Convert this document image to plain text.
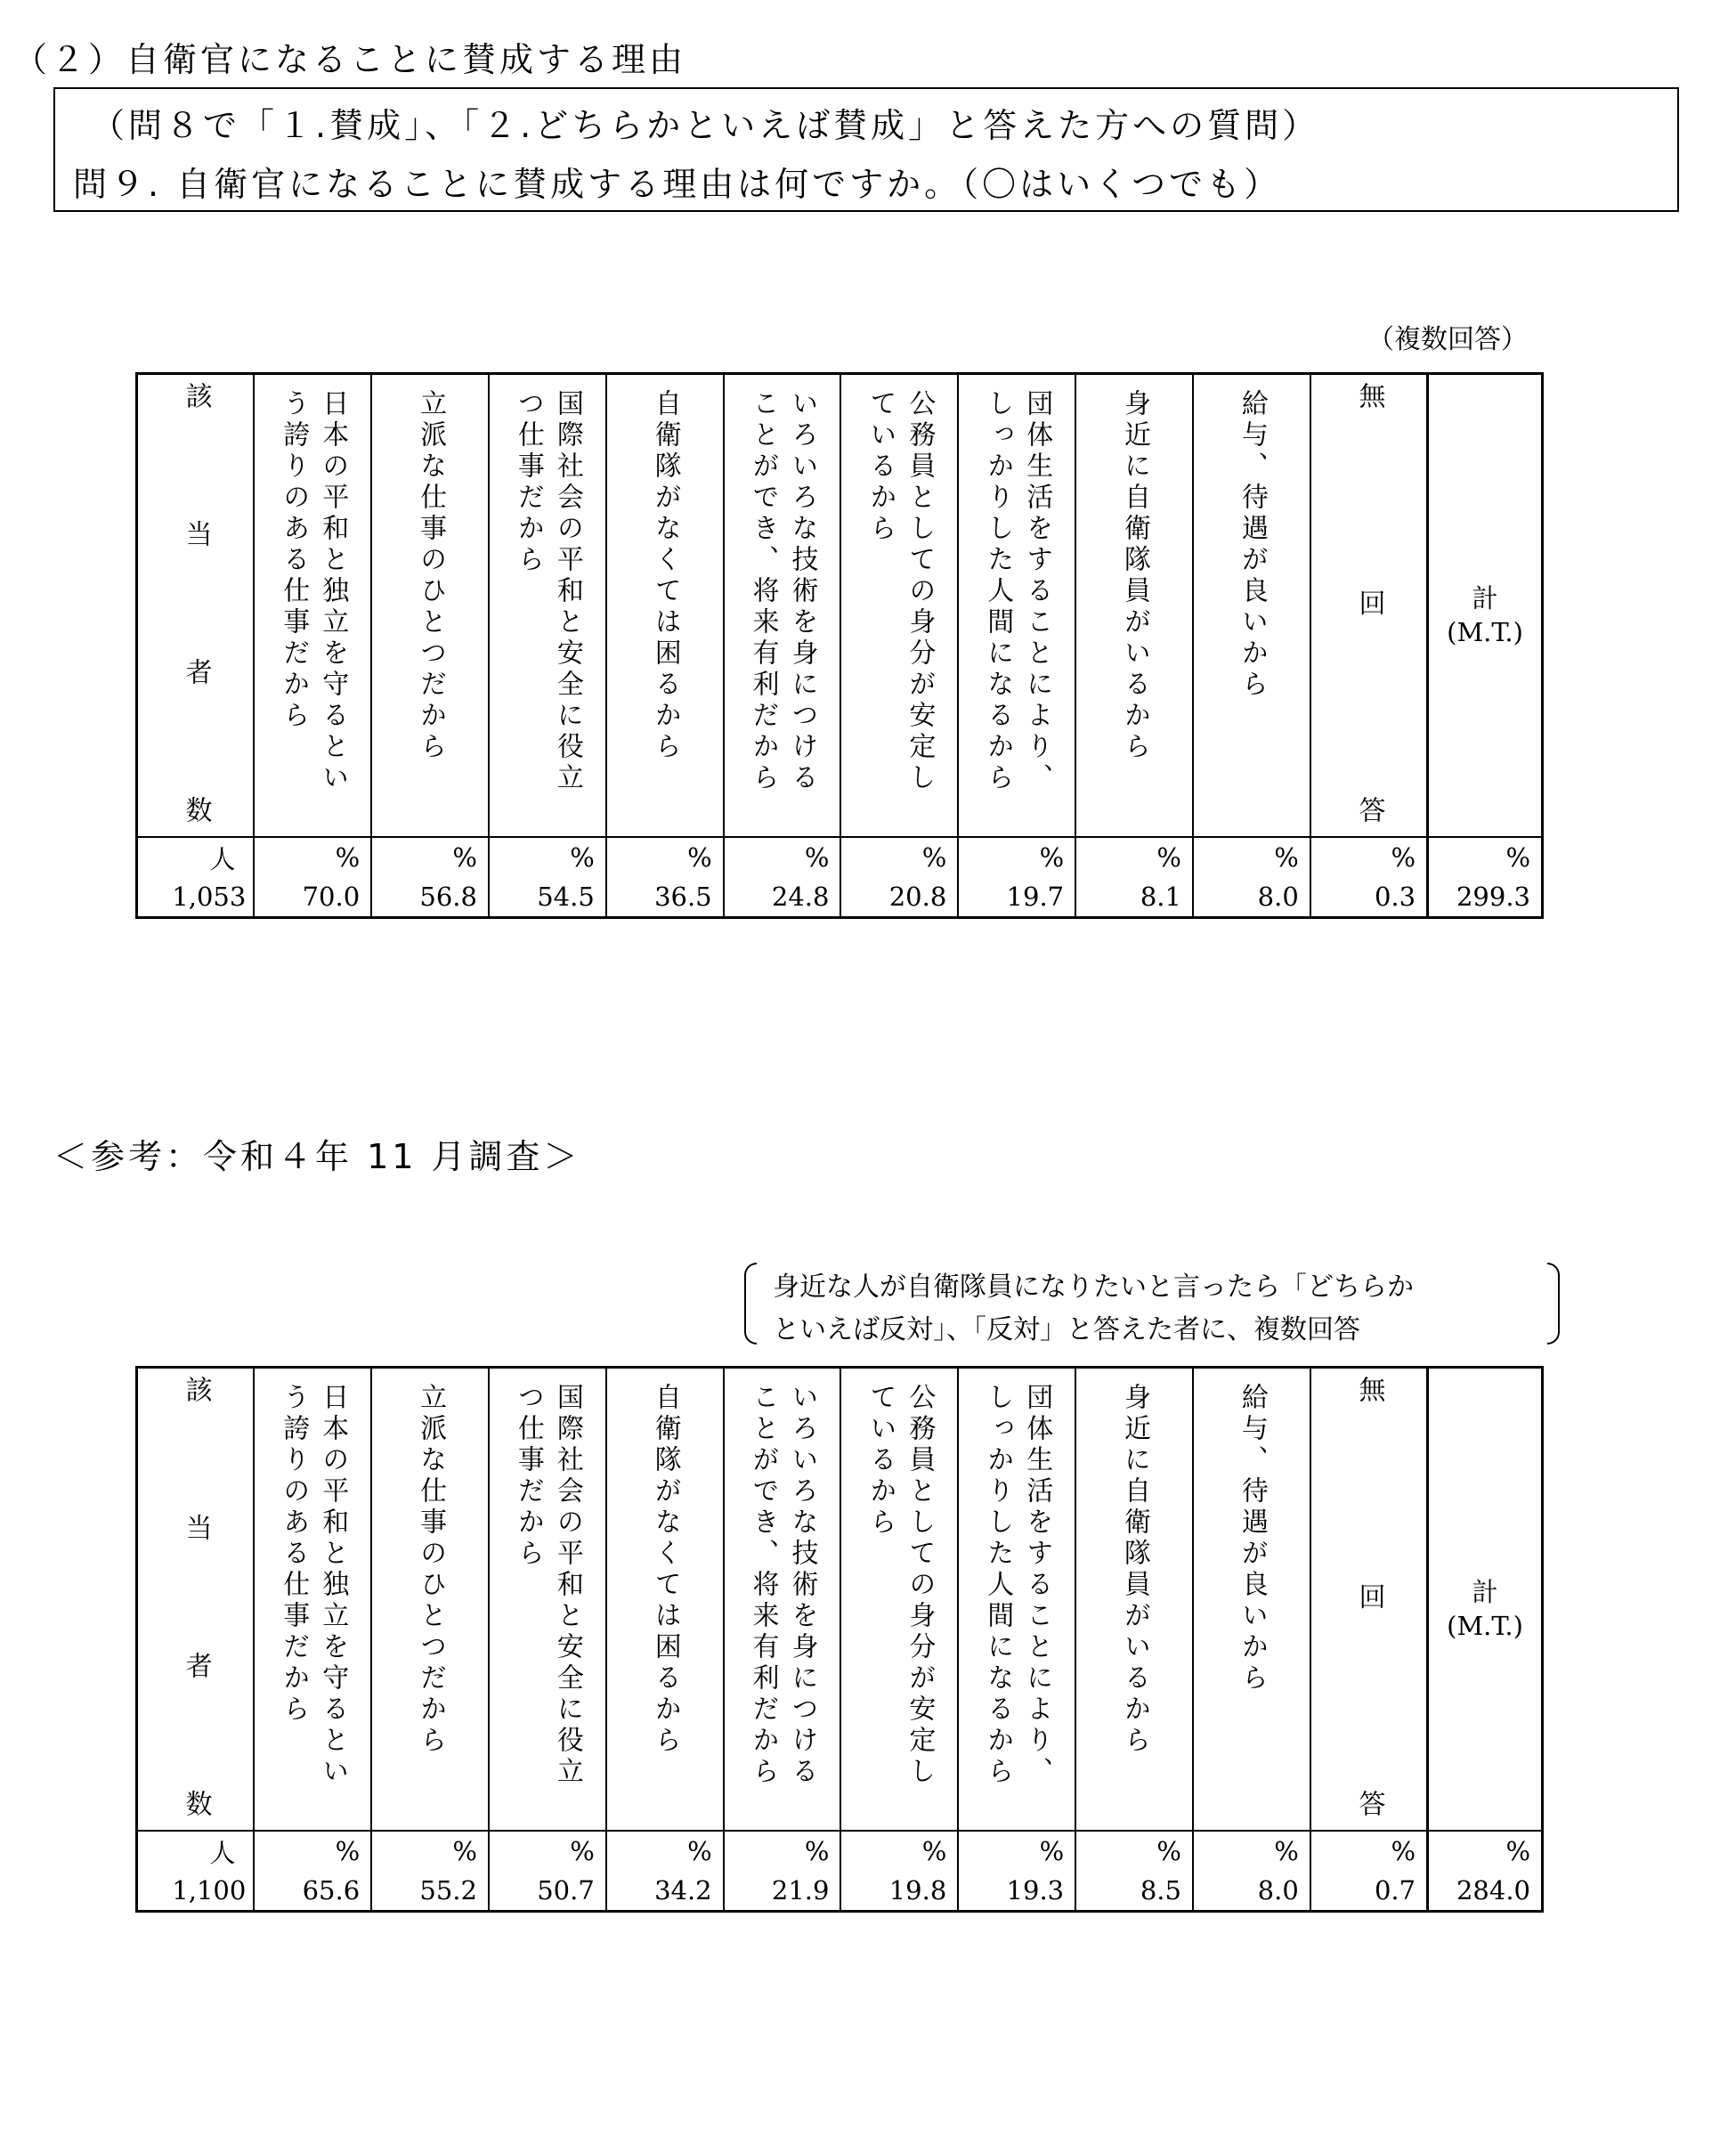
（２）自衛官になることに賛成する理由
（問８で「１.賛成」、「２.どちらかといえば賛成」と答えた方への質問）
問９. 自衛官になることに賛成する理由は何ですか。（〇はいくつでも）
（複数回答）
該当者数	日本の平和と独立を守るという誇りのある仕事だから	立派な仕事のひとつだから	国際社会の平和と安全に役立つ仕事だから	自衛隊がなくては困るから	いろいろな技術を身につけることができ、将来有利だから	公務員としての身分が安定しているから	団体生活をすることにより、しっかりした人間になるから	身近に自衛隊員がいるから	給与、待遇が良いから	無回答	計
(M.T.)

人	%	%	%	%	%	%	%	%	%	%	%
1,053	70.0	56.8	54.5	36.5	24.8	20.8	19.7	8.1	8.0	0.3	299.3
＜参考：令和４年 11 月調査＞
身近な人が自衛隊員になりたいと言ったら「どちらか
といえば反対」、「反対」と答えた者に、複数回答
該当者数	日本の平和と独立を守るという誇りのある仕事だから	立派な仕事のひとつだから	国際社会の平和と安全に役立つ仕事だから	自衛隊がなくては困るから	いろいろな技術を身につけることができ、将来有利だから	公務員としての身分が安定しているから	団体生活をすることにより、しっかりした人間になるから	身近に自衛隊員がいるから	給与、待遇が良いから	無回答	計
(M.T.)

人	%	%	%	%	%	%	%	%	%	%	%
1,100	65.6	55.2	50.7	34.2	21.9	19.8	19.3	8.5	8.0	0.7	284.0
